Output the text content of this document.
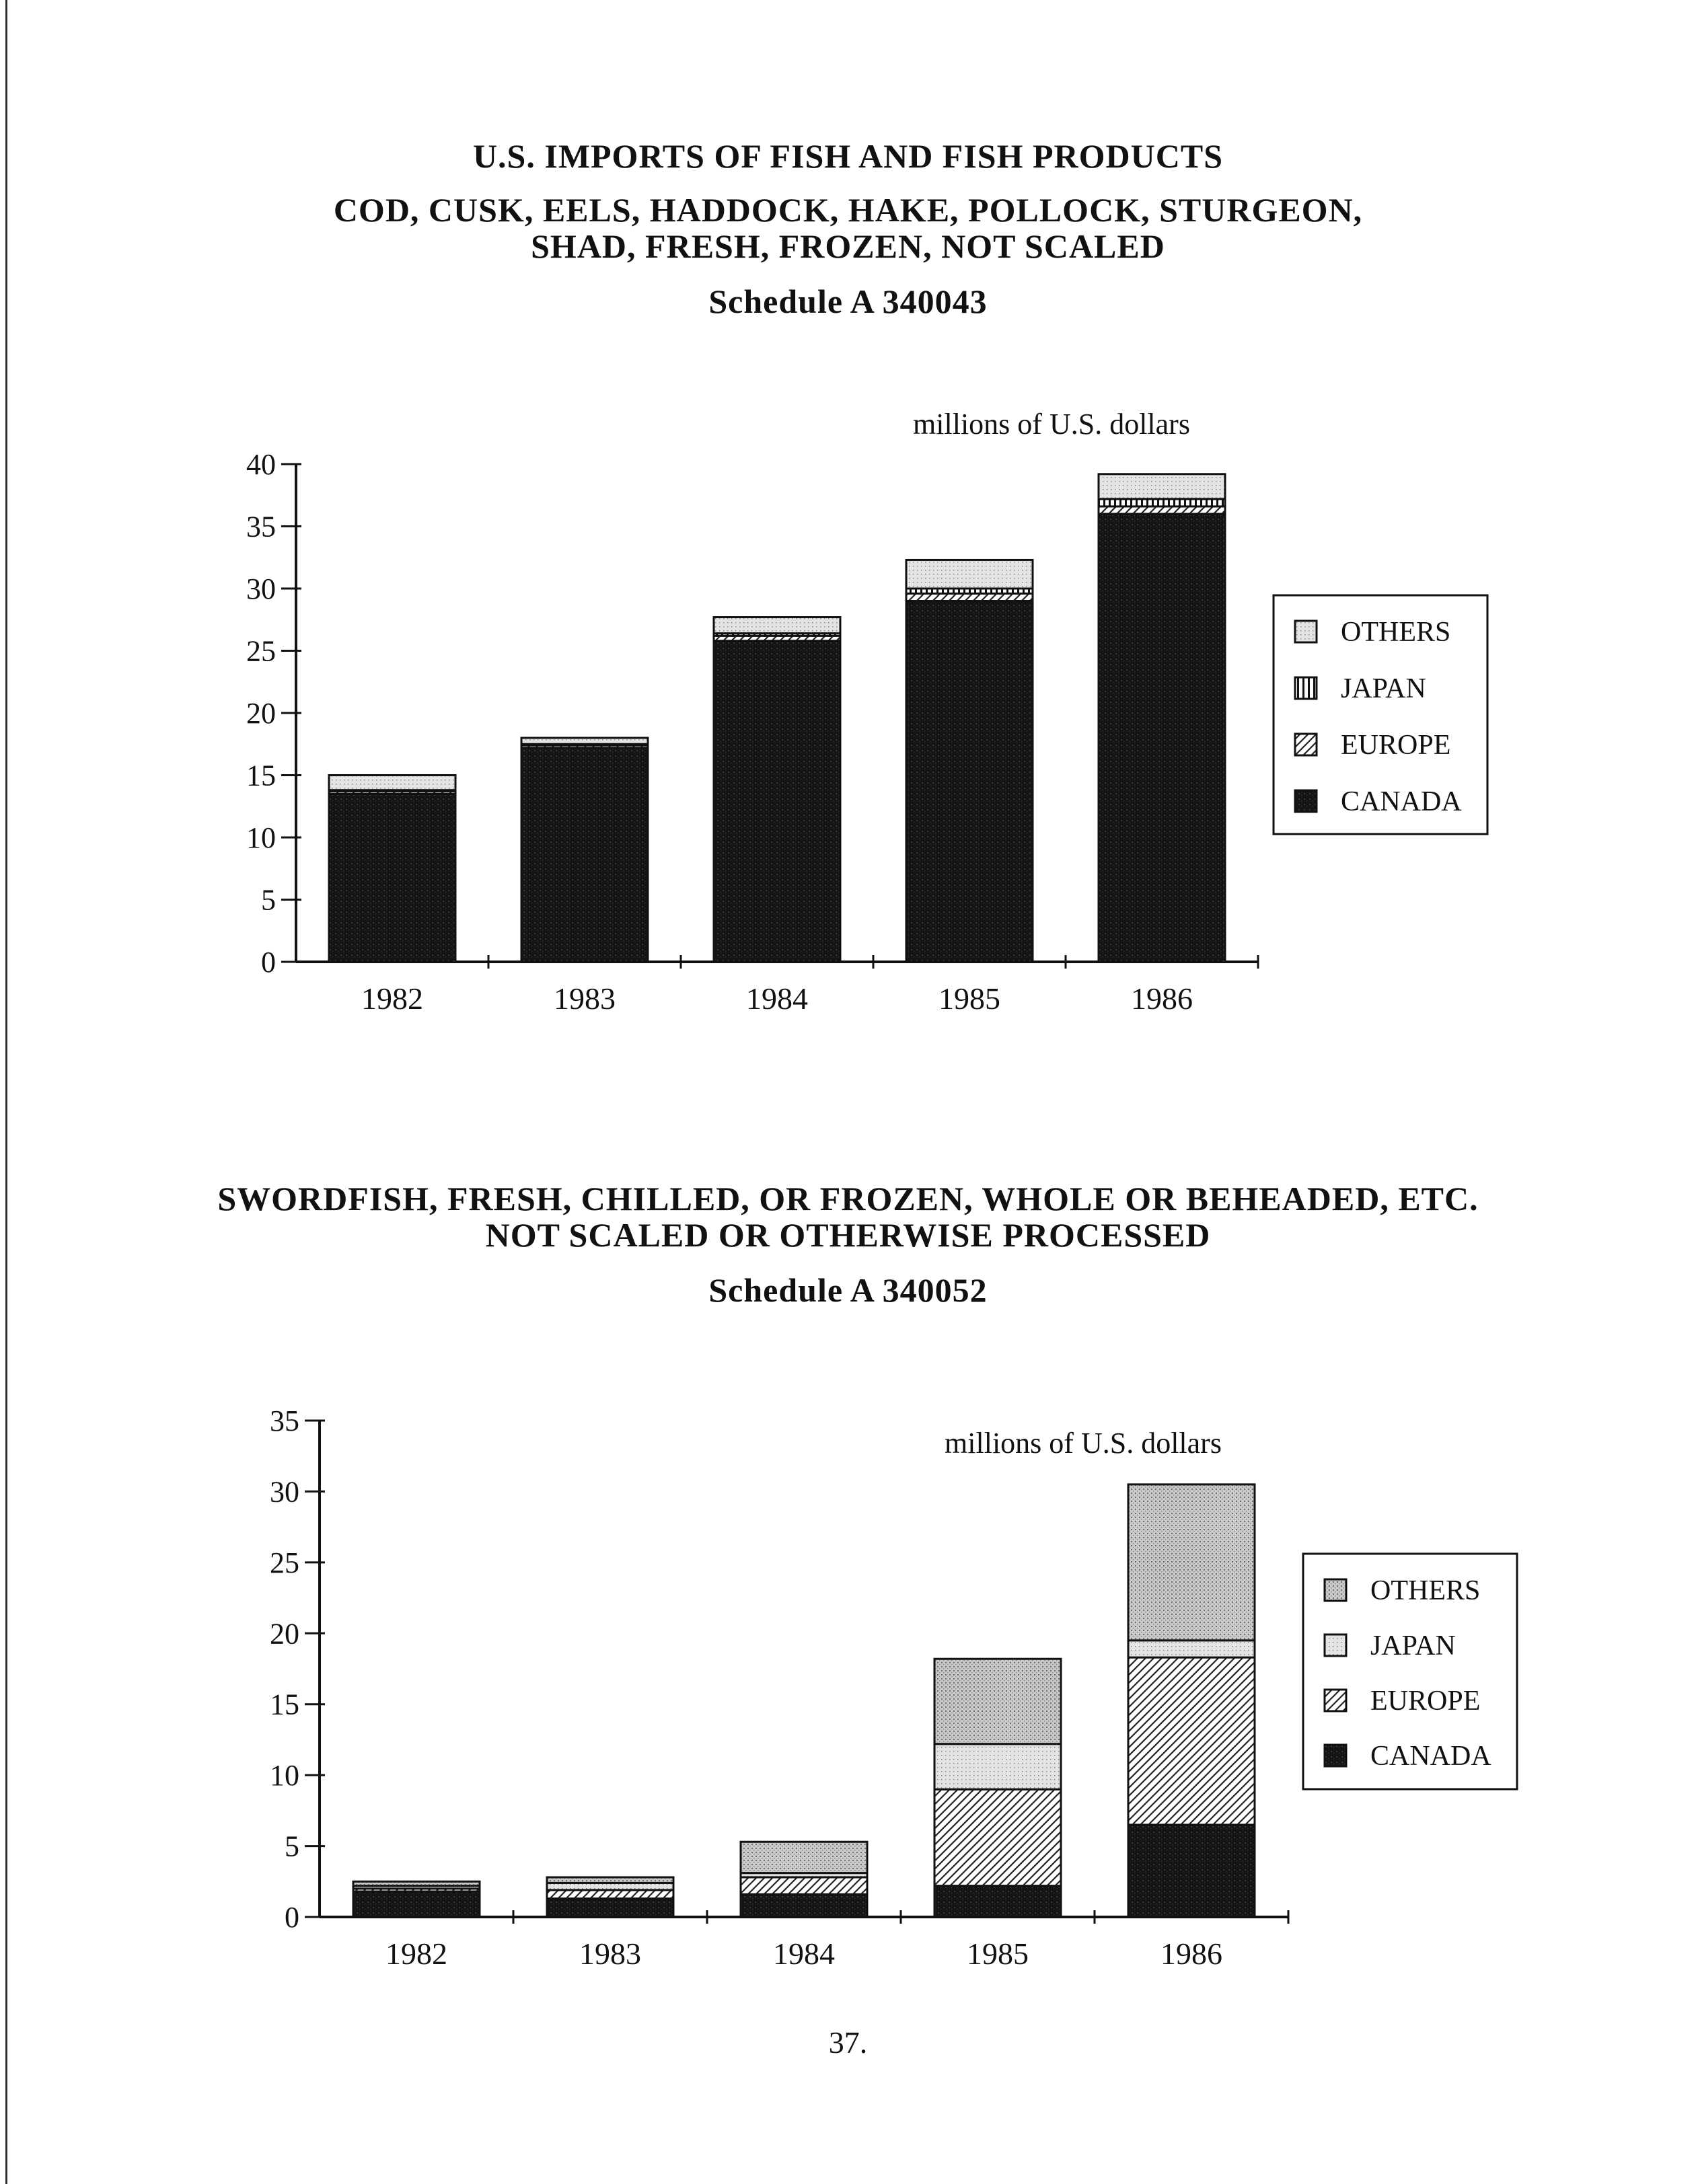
U.S. IMPORTS OF FISH AND FISH PRODUCTS
COD, CUSK, EELS, HADDOCK, HAKE, POLLOCK, STURGEON,
SHAD, FRESH, FROZEN, NOT SCALED
Schedule A 340043
0
5
10
15
20
25
30
35
40
1982	1983	1984	1985	1986
millions of U.S. dollars
OTHERS
JAPAN
EUROPE
CANADA
SWORDFISH, FRESH, CHILLED, OR FROZEN, WHOLE OR BEHEADED, ETC.
NOT SCALED OR OTHERWISE PROCESSED
Schedule A 340052
0
5
10
15
20
25
30
35
1982	1983	1984	1985	1986
millions of U.S. dollars
OTHERS
JAPAN
EUROPE
CANADA
37.
